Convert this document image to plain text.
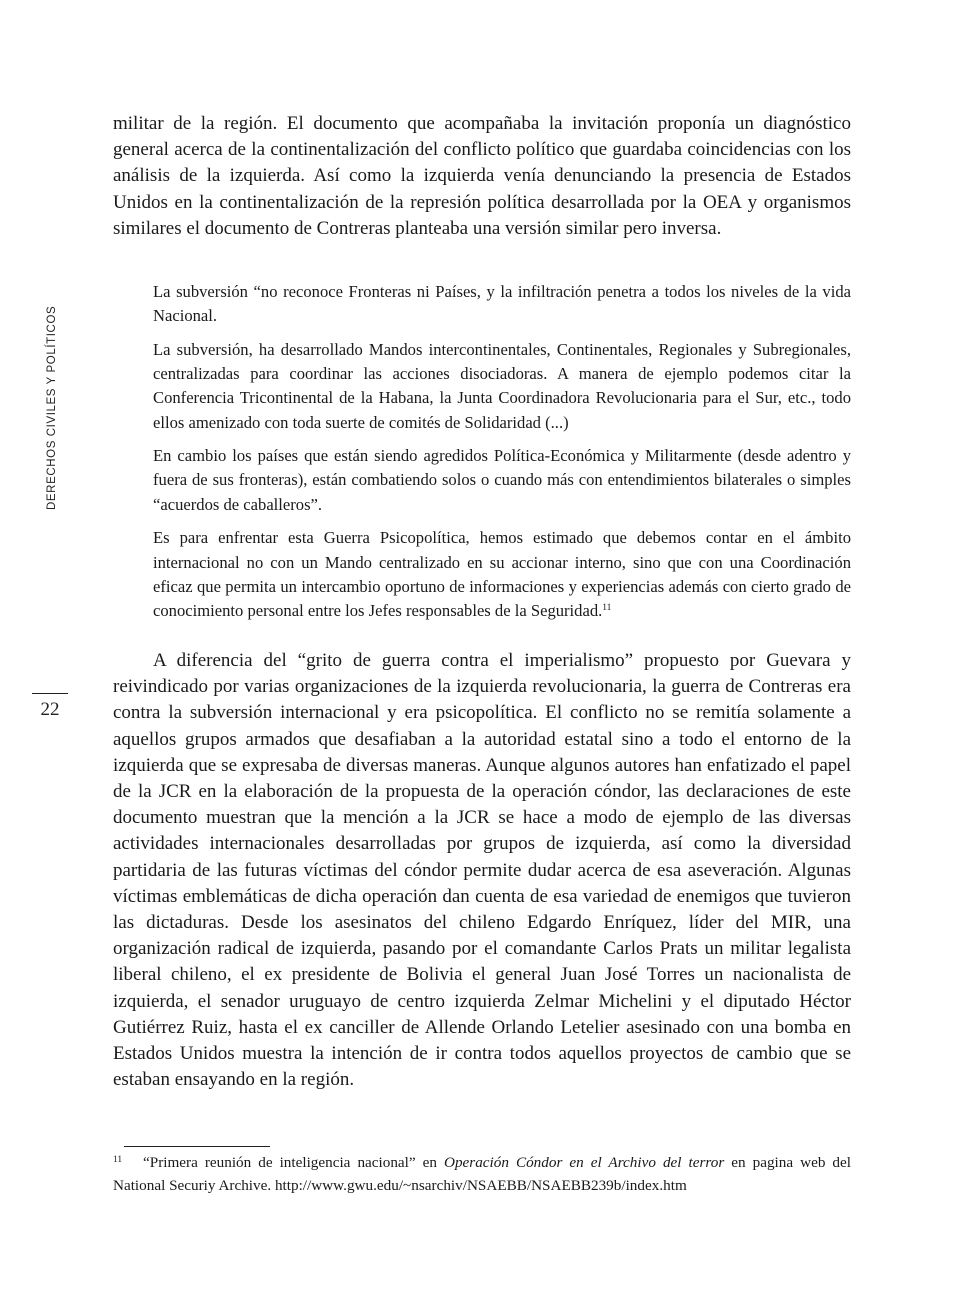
DERECHOS CIVILES Y POLÍTICOS
22

militar de la región. El documento que acompañaba la invitación proponía un diagnóstico general acerca de la continentalización del conflicto político que guardaba coincidencias con los análisis de la izquierda. Así como la izquierda venía denunciando la presencia de Estados Unidos en la continentalización de la represión política desarrollada por la OEA y organismos similares el documento de Contreras planteaba una versión similar pero inversa.

La subversión “no reconoce Fronteras ni Países, y la infiltración penetra a todos los niveles de la vida Nacional.

La subversión, ha desarrollado Mandos intercontinentales, Continentales, Regionales y Subregionales, centralizadas para coordinar las acciones disociadoras. A manera de ejemplo podemos citar la Conferencia Tricontinental de la Habana, la Junta Coordinadora Revolucionaria para el Sur, etc., todo ellos amenizado con toda suerte de comités de Solidaridad (...)

En cambio los países que están siendo agredidos Política-Económica y Militarmente (desde adentro y fuera de sus fronteras), están combatiendo solos o cuando más con entendimientos bilaterales o simples “acuerdos de caballeros”.

Es para enfrentar esta Guerra Psicopolítica, hemos estimado que debemos contar en el ámbito internacional no con un Mando centralizado en su accionar interno, sino que con una Coordinación eficaz que permita un intercambio oportuno de informaciones y experiencias además con cierto grado de conocimiento personal entre los Jefes responsables de la Seguridad.$^{11}$

A diferencia del “grito de guerra contra el imperialismo” propuesto por Guevara y reivindicado por varias organizaciones de la izquierda revolucionaria, la guerra de Contreras era contra la subversión internacional y era psicopolítica. El conflicto no se remitía solamente a aquellos grupos armados que desafiaban a la autoridad estatal sino a todo el entorno de la izquierda que se expresaba de diversas maneras. Aunque algunos autores han enfatizado el papel de la JCR en la elaboración de la propuesta de la operación cóndor, las declaraciones de este documento muestran que la mención a la JCR se hace a modo de ejemplo de las diversas actividades internacionales desarrolladas por grupos de izquierda, así como la diversidad partidaria de las futuras víctimas del cóndor permite dudar acerca de esa aseveración. Algunas víctimas emblemáticas de dicha operación dan cuenta de esa variedad de enemigos que tuvieron las dictaduras. Desde los asesinatos del chileno Edgardo Enríquez, líder del MIR, una organización radical de izquierda, pasando por el comandante Carlos Prats un militar legalista liberal chileno, el ex presidente de Bolivia el general Juan José Torres un nacionalista de izquierda, el senador uruguayo de centro izquierda Zelmar Michelini y el diputado Héctor Gutiérrez Ruiz, hasta el ex canciller de Allende Orlando Letelier asesinado con una bomba en Estados Unidos muestra la intención de ir contra todos aquellos proyectos de cambio que se estaban ensayando en la región.

11 “Primera reunión de inteligencia nacional” en Operación Cóndor en el Archivo del terror en pagina web del National Securiy Archive. http://www.gwu.edu/~nsarchiv/NSAEBB/NSAEBB239b/index.htm
